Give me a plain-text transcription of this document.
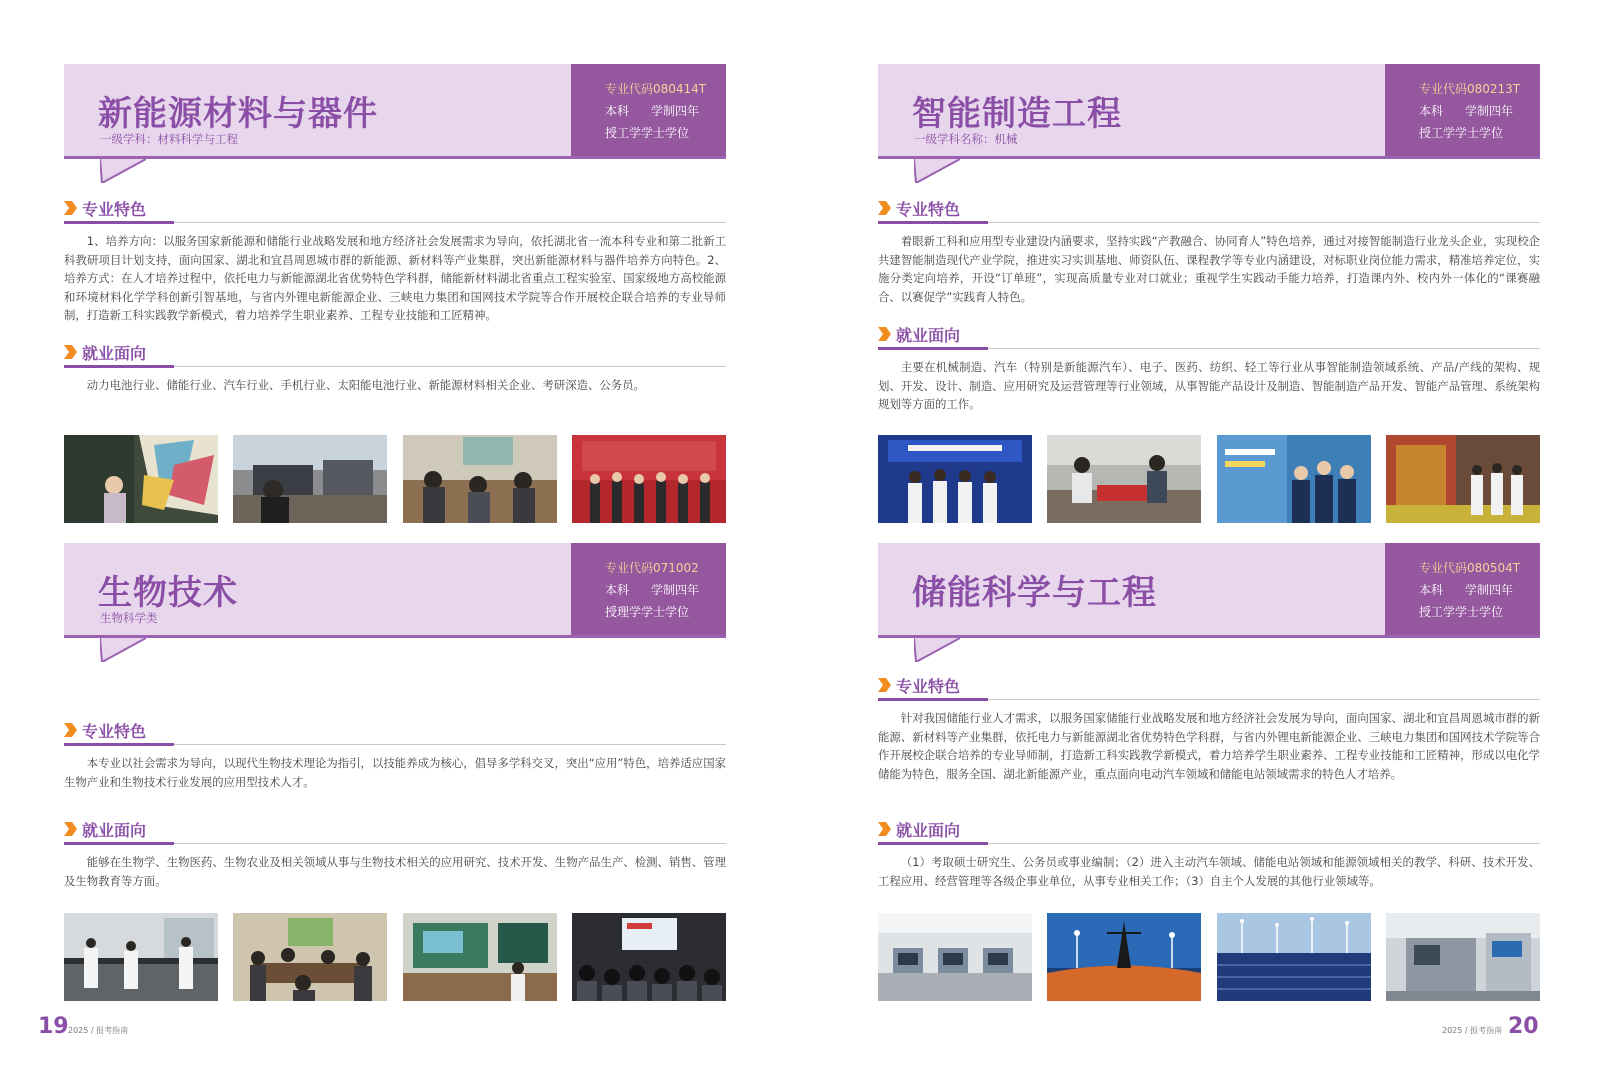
新能源材料与器件
一级学科：材料科学与工程
专业代码080414T
本科 学制四年
授工学学士学位
专业特色
1、培养方向：以服务国家新能源和储能行业战略发展和地方经济社会发展需求为导向，依托湖北省一流本科专业和第二批新工科教研项目计划支持，面向国家、湖北和宜昌周恩城市群的新能源、新材料等产业集群，突出新能源材料与器件培养方向特色。2、培养方式：在人才培养过程中，依托电力与新能源湖北省优势特色学科群，储能新材料湖北省重点工程实验室、国家级地方高校能源和环境材料化学学科创新引智基地，与省内外锂电新能源企业、三峡电力集团和国网技术学院等合作开展校企联合培养的专业导师制，打造新工科实践教学新模式，着力培养学生职业素养、工程专业技能和工匠精神。
就业面向
动力电池行业、储能行业、汽车行业、手机行业、太阳能电池行业、新能源材料相关企业、考研深造、公务员。
智能制造工程
一级学科名称：机械
专业代码080213T
本科 学制四年
授工学学士学位
专业特色
着眼新工科和应用型专业建设内涵要求，坚持实践“产教融合、协同育人”特色培养，通过对接智能制造行业龙头企业，实现校企共建智能制造现代产业学院，推进实习实训基地、师资队伍、课程教学等专业内涵建设，对标职业岗位能力需求，精准培养定位，实施分类定向培养，开设“订单班”，实现高质量专业对口就业；重视学生实践动手能力培养，打造课内外、校内外一体化的“课赛融合、以赛促学”实践育人特色。
就业面向
主要在机械制造、汽车（特别是新能源汽车）、电子、医药、纺织、轻工等行业从事智能制造领域系统、产品/产线的架构、规划、开发、设计、制造、应用研究及运营管理等行业领域，从事智能产品设计及制造、智能制造产品开发、智能产品管理、系统架构规划等方面的工作。
生物技术
生物科学类
专业代码071002
本科 学制四年
授理学学士学位
专业特色
本专业以社会需求为导向，以现代生物技术理论为指引，以技能养成为核心，倡导多学科交叉，突出“应用”特色，培养适应国家生物产业和生物技术行业发展的应用型技术人才。
就业面向
能够在生物学、生物医药、生物农业及相关领域从事与生物技术相关的应用研究、技术开发、生物产品生产、检测、销售、管理及生物教育等方面。
储能科学与工程
专业代码080504T
本科 学制四年
授工学学士学位
专业特色
针对我国储能行业人才需求，以服务国家储能行业战略发展和地方经济社会发展为导向，面向国家、湖北和宜昌周恩城市群的新能源、新材料等产业集群，依托电力与新能源湖北省优势特色学科群，与省内外锂电新能源企业、三峡电力集团和国网技术学院等合作开展校企联合培养的专业导师制，打造新工科实践教学新模式，着力培养学生职业素养、工程专业技能和工匠精神，形成以电化学储能为特色，服务全国、湖北新能源产业，重点面向电动汽车领域和储能电站领域需求的特色人才培养。
就业面向
（1）考取硕士研究生、公务员或事业编制；（2）进入主动汽车领域、储能电站领域和能源领域相关的教学、科研、技术开发、工程应用、经营管理等各级企事业单位，从事专业相关工作；（3）自主个人发展的其他行业领域等。
19 2025 / 报考指南	2025 / 报考指南 20
